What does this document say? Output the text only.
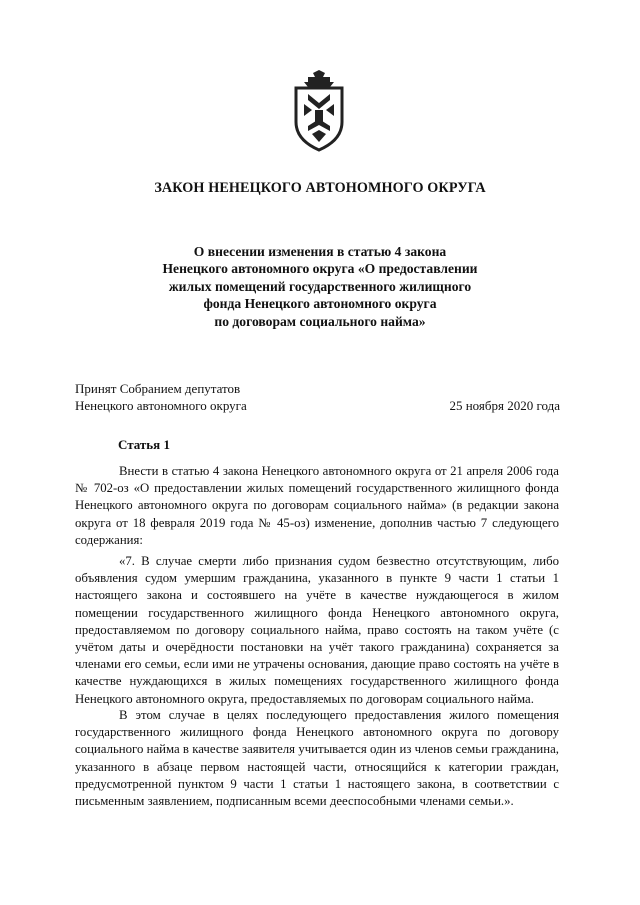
ЗАКОН НЕНЕЦКОГО АВТОНОМНОГО ОКРУГА
О внесении изменения в статью 4 закона
Ненецкого автономного округа «О предоставлении
жилых помещений государственного жилищного
фонда Ненецкого автономного округа
по договорам социального найма»
Принят Собранием депутатов
Ненецкого автономного округа	25 ноября 2020 года
Статья 1
Внести в статью 4 закона Ненецкого автономного округа от 21 апреля 2006 года № 702-оз «О предоставлении жилых помещений государственного жилищного фонда Ненецкого автономного округа по договорам социального найма» (в редакции закона округа от 18 февраля 2019 года № 45-оз) изменение, дополнив частью 7 следующего содержания:
«7. В случае смерти либо признания судом безвестно отсутствующим, либо объявления судом умершим гражданина, указанного в пункте 9 части 1 статьи 1 настоящего закона и состоявшего на учёте в качестве нуждающегося в жилом помещении государственного жилищного фонда Ненецкого автономного округа, предоставляемом по договору социального найма, право состоять на таком учёте (с учётом даты и очерёдности постановки на учёт такого гражданина) сохраняется за членами его семьи, если ими не утрачены основания, дающие право состоять на учёте в качестве нуждающихся в жилых помещениях государственного жилищного фонда Ненецкого автономного округа, предоставляемых по договорам социального найма.
В этом случае в целях последующего предоставления жилого помещения государственного жилищного фонда Ненецкого автономного округа по договору социального найма в качестве заявителя учитывается один из членов семьи гражданина, указанного в абзаце первом настоящей части, относящийся к категории граждан, предусмотренной пунктом 9 части 1 статьи 1 настоящего закона, в соответствии с письменным заявлением, подписанным всеми дееспособными членами семьи.».
